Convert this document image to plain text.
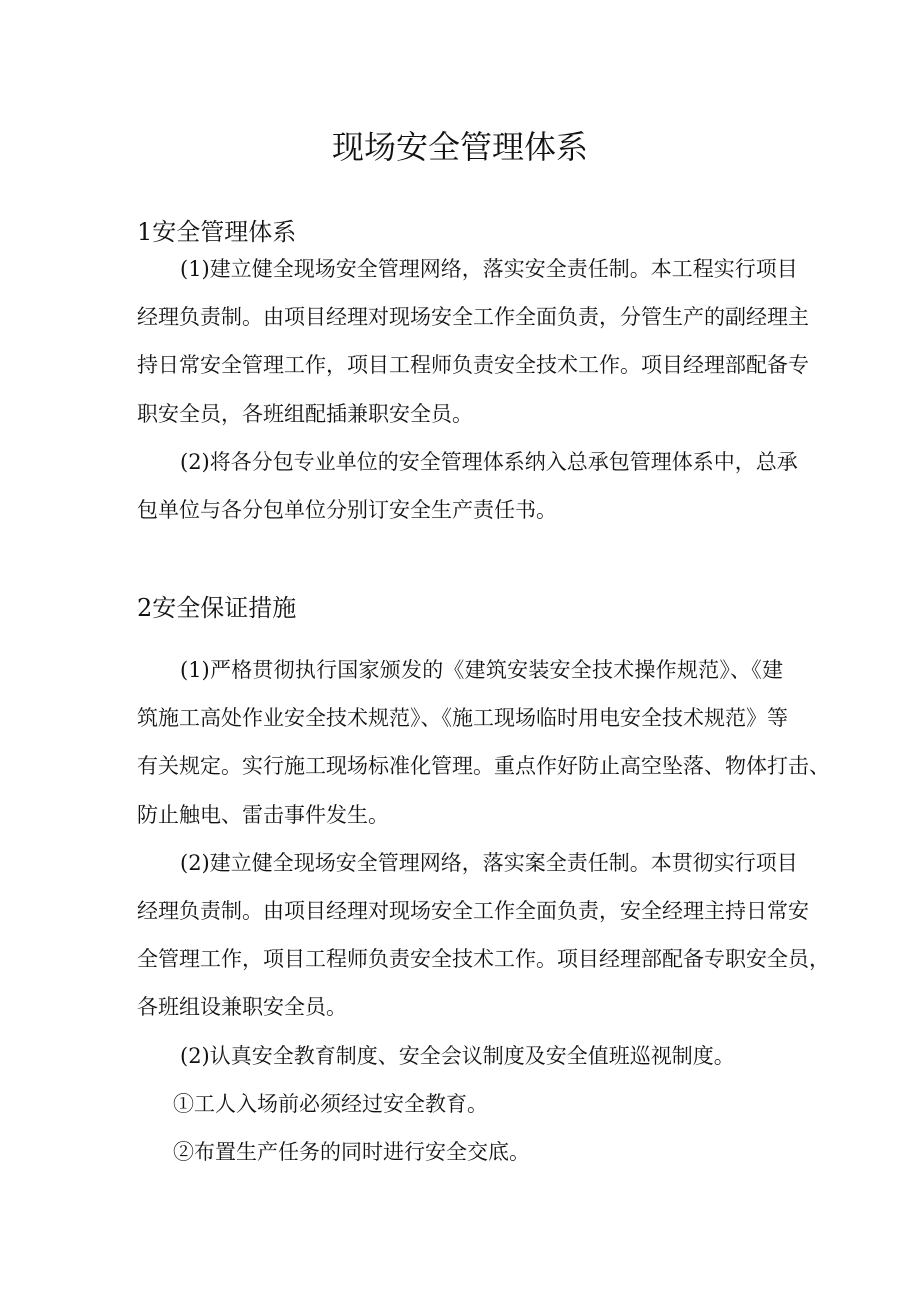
现场安全管理体系
1安全管理体系
(1)建立健全现场安全管理网络，落实安全责任制。本工程实行项目
经理负责制。由项目经理对现场安全工作全面负责，分管生产的副经理主
持日常安全管理工作，项目工程师负责安全技术工作。项目经理部配备专
职安全员，各班组配插兼职安全员。
(2)将各分包专业单位的安全管理体系纳入总承包管理体系中，总承
包单位与各分包单位分别订安全生产责任书。
2安全保证措施
(1)严格贯彻执行国家颁发的《建筑安装安全技术操作规范》、《建
筑施工高处作业安全技术规范》、《施工现场临时用电安全技术规范》等
有关规定。实行施工现场标准化管理。重点作好防止高空坠落、物体打击、
防止触电、雷击事件发生。
(2)建立健全现场安全管理网络，落实案全责任制。本贯彻实行项目
经理负责制。由项目经理对现场安全工作全面负责，安全经理主持日常安
全管理工作，项目工程师负责安全技术工作。项目经理部配备专职安全员，
各班组设兼职安全员。
(2)认真安全教育制度、安全会议制度及安全值班巡视制度。
①工人入场前必须经过安全教育。
②布置生产任务的同时进行安全交底。
